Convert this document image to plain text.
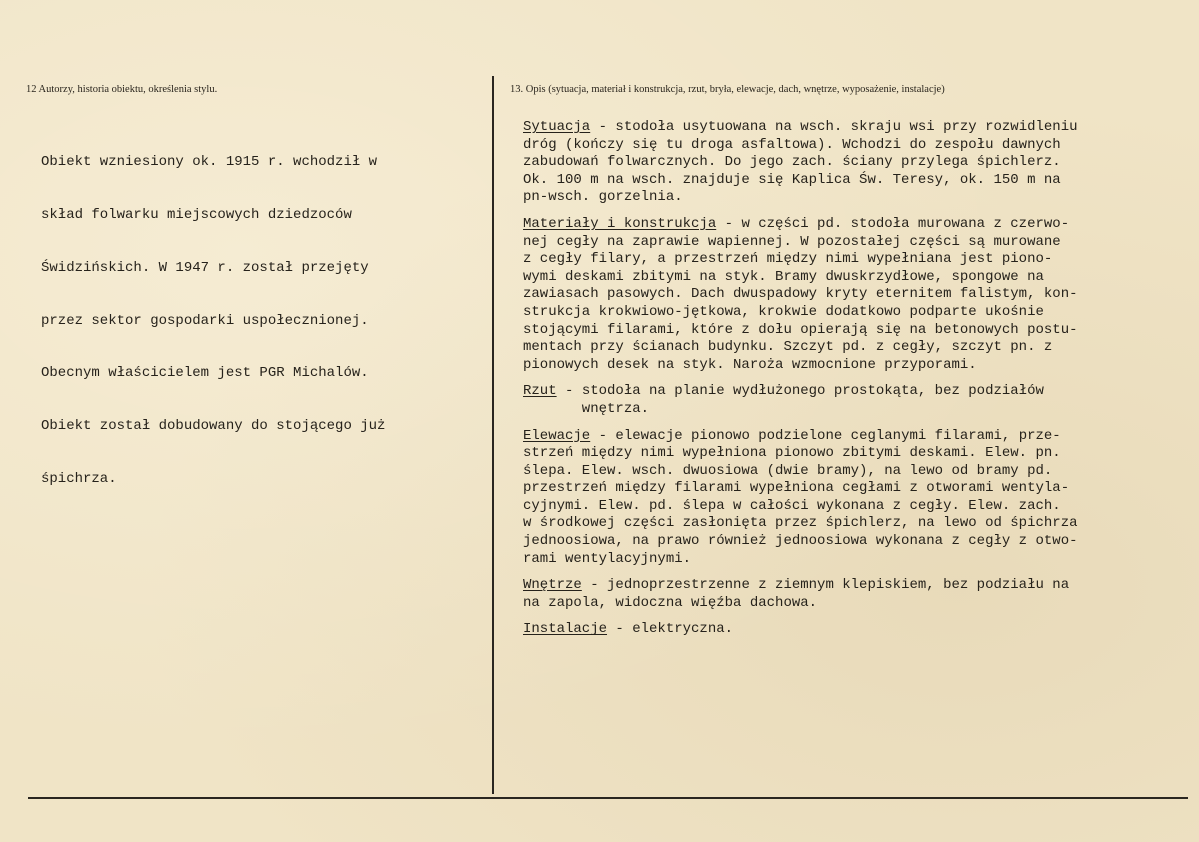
12 Autorzy, historia obiektu, określenia stylu.	13. Opis (sytuacja, materiał i konstrukcja, rzut, bryła, elewacje, dach, wnętrze, wyposażenie, instalacje)

Obiekt wzniesiony ok. 1915 r. wchodził w

skład folwarku miejscowych dziedzoców

Świdzińskich. W 1947 r. został przejęty

przez sektor gospodarki uspołecznionej.

Obecnym właścicielem jest PGR Michalów.

Obiekt został dobudowany do stojącego już

śpichrza.

Sytuacja - stodoła usytuowana na wsch. skraju wsi przy rozwidleniu
dróg (kończy się tu droga asfaltowa). Wchodzi do zespołu dawnych
zabudowań folwarcznych. Do jego zach. ściany przylega śpichlerz.
Ok. 100 m na wsch. znajduje się Kaplica Św. Teresy, ok. 150 m na
pn-wsch. gorzelnia.
Materiały i konstrukcja - w części pd. stodoła murowana z czerwo-
nej cegły na zaprawie wapiennej. W pozostałej części są murowane
z cegły filary, a przestrzeń między nimi wypełniana jest piono-
wymi deskami zbitymi na styk. Bramy dwuskrzydłowe, spongowe na
zawiasach pasowych. Dach dwuspadowy kryty eternitem falistym, kon-
strukcja krokwiowo-jętkowa, krokwie dodatkowo podparte ukośnie
stojącymi filarami, które z dołu opierają się na betonowych postu-
mentach przy ścianach budynku. Szczyt pd. z cegły, szczyt pn. z
pionowych desek na styk. Naroża wzmocnione przyporami.
Rzut - stodoła na planie wydłużonego prostokąta, bez podziałów
wnętrza.
Elewacje - elewacje pionowo podzielone ceglanymi filarami, prze-
strzeń między nimi wypełniona pionowo zbitymi deskami. Elew. pn.
ślepa. Elew. wsch. dwuosiowa (dwie bramy), na lewo od bramy pd.
przestrzeń między filarami wypełniona cegłami z otworami wentyla-
cyjnymi. Elew. pd. ślepa w całości wykonana z cegły. Elew. zach.
w środkowej części zasłonięta przez śpichlerz, na lewo od śpichrza
jednoosiowa, na prawo również jednoosiowa wykonana z cegły z otwo-
rami wentylacyjnymi.
Wnętrze - jednoprzestrzenne z ziemnym klepiskiem, bez podziału na
na zapola, widoczna więźba dachowa.
Instalacje - elektryczna.
